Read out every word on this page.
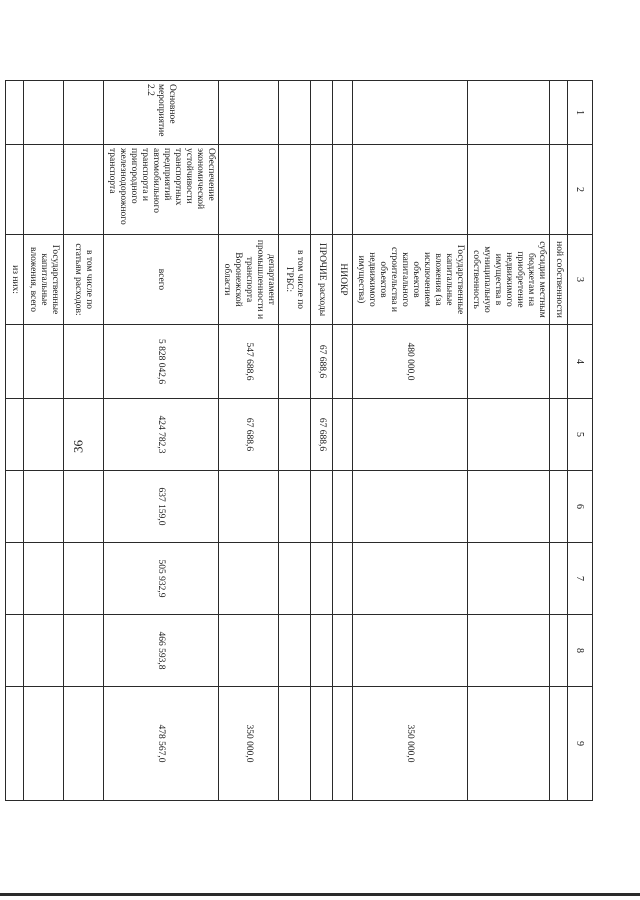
36
1	2	3	4	5	6	7	8	9
		ной собственности						
		субсидии местным бюджетам на приобретение недвижимого имущества в муниципальную собственность						
		Государственные капитальные вложения (за исключением объектов капитального строительства и объектов недвижимого имущества)	480 000,0					350 000,0
		НИОКР						
		ПРОЧИЕ расходы	67 688,6	67 688,6				
		в том числе по ГРБС:						
		департамент промышленности и транспорта Воронежской области	547 688,6	67 688,6				350 000,0
Основное мероприятие 2.2	Обеспечение экономической устойчивости транспортных предприятий автомобильного транспорта и пригородного железнодорожного транспорта	всего	5 828 042,6	424 782,3	637 159,0	505 932,9	466 593,8	478 567,0
		в том числе по статьям расходов:						
		Государственные капитальные вложения, всего						
		из них:						
